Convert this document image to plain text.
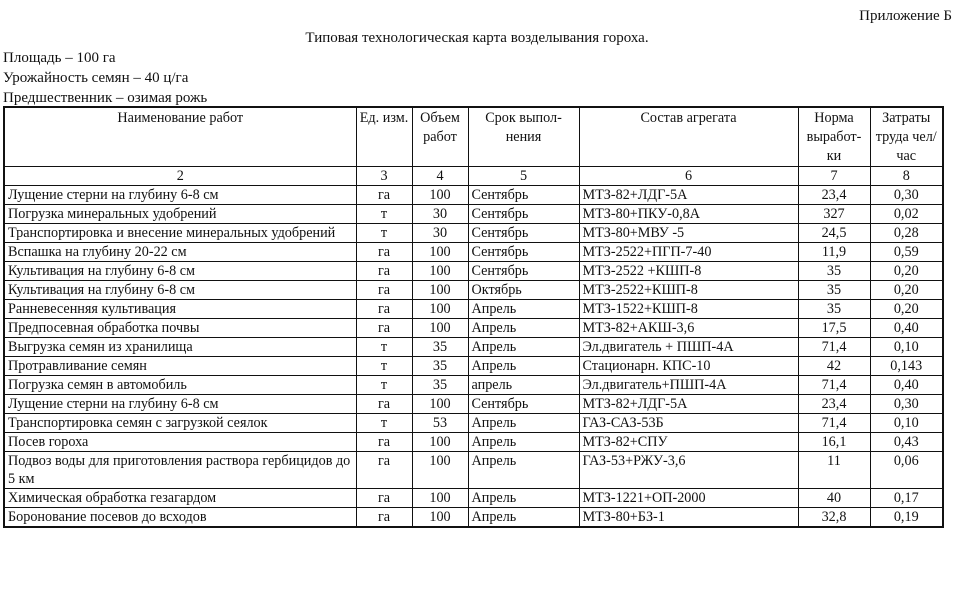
Приложение Б
Типовая технологическая карта возделывания гороха.
Площадь – 100 га
Урожайность семян – 40 ц/га
Предшественник – озимая рожь
Наименование работ	Ед. изм.	Объем работ	Срок выпол-нения	Состав агрегата	Норма выработ-ки	Затраты труда чел/час
2	3	4	5	6	7	8
Лущение стерни на глубину 6-8 см	га	100	Сентябрь	МТЗ-82+ЛДГ-5А	23,4	0,30
Погрузка минеральных удобрений	т	30	Сентябрь	МТЗ-80+ПКУ-0,8А	327	0,02
Транспортировка и внесение минеральных удобрений	т	30	Сентябрь	МТЗ-80+МВУ -5	24,5	0,28
Вспашка на глубину 20-22 см	га	100	Сентябрь	МТЗ-2522+ПГП-7-40	11,9	0,59
Культивация на глубину 6-8 см	га	100	Сентябрь	МТЗ-2522 +КШП-8	35	0,20
Культивация на глубину 6-8 см	га	100	Октябрь	МТЗ-2522+КШП-8	35	0,20
Ранневесенняя культивация	га	100	Апрель	МТЗ-1522+КШП-8	35	0,20
Предпосевная обработка почвы	га	100	Апрель	МТЗ-82+АКШ-3,6	17,5	0,40
Выгрузка семян из хранилища	т	35	Апрель	Эл.двигатель + ПШП-4А	71,4	0,10
Протравливание семян	т	35	Апрель	Стационарн. КПС-10	42	0,143
Погрузка семян в автомобиль	т	35	апрель	Эл.двигатель+ПШП-4А	71,4	0,40
Лущение стерни на глубину 6-8 см	га	100	Сентябрь	МТЗ-82+ЛДГ-5А	23,4	0,30
Транспортировка семян с загрузкой сеялок	т	53	Апрель	ГАЗ-САЗ-53Б	71,4	0,10
Посев гороха	га	100	Апрель	МТЗ-82+СПУ	16,1	0,43
Подвоз воды для приготовления раствора гербицидов до 5 км	га	100	Апрель	ГАЗ-53+РЖУ-3,6	11	0,06
Химическая обработка гезагардом	га	100	Апрель	МТЗ-1221+ОП-2000	40	0,17
Боронование посевов до всходов	га	100	Апрель	МТЗ-80+БЗ-1	32,8	0,19
